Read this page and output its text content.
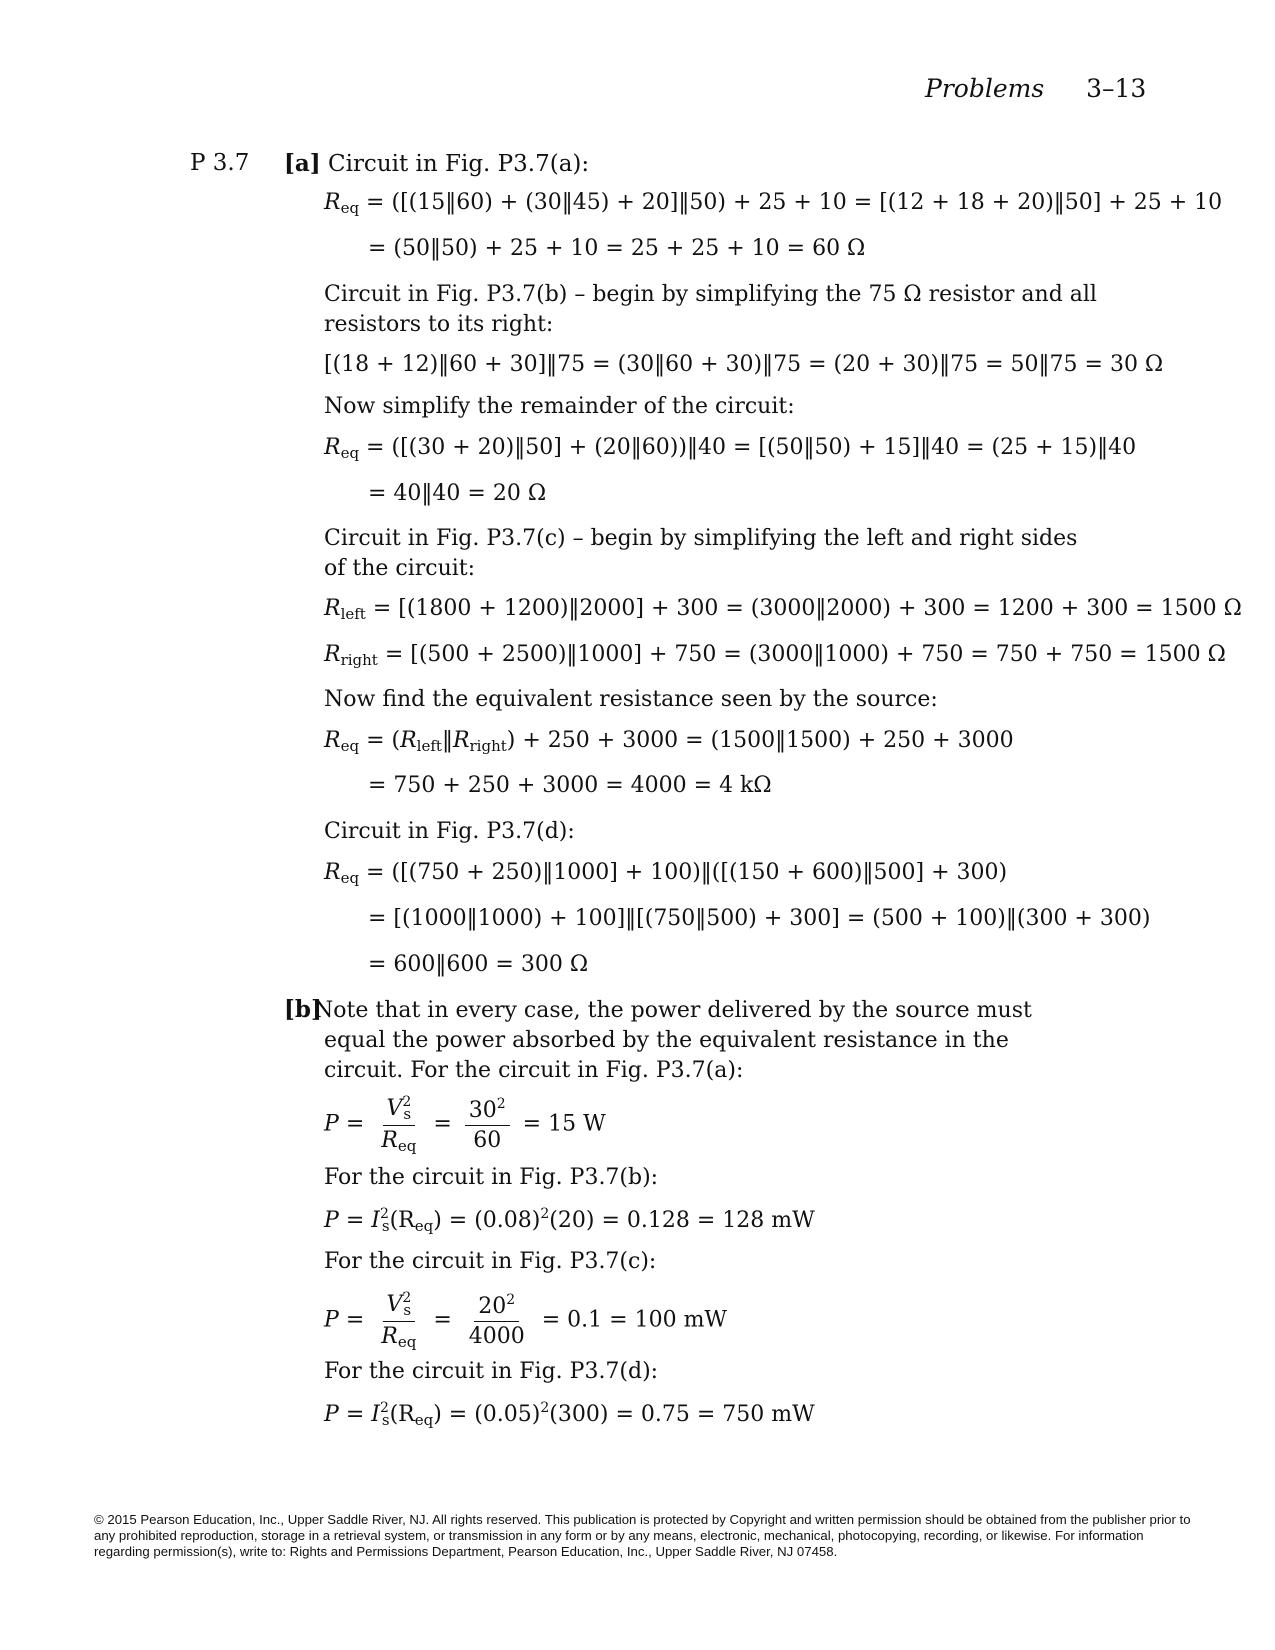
Problems 3–13
P 3.7 [a] Circuit in Fig. P3.7(a):
$R_{eq}$ = ([(15‖60) + (30‖45) + 20]‖50) + 25 + 10 = [(12 + 18 + 20)‖50] + 25 + 10
= (50‖50) + 25 + 10 = 25 + 25 + 10 = 60 Ω
Circuit in Fig. P3.7(b) – begin by simplifying the 75 Ω resistor and all resistors to its right:
[(18 + 12)‖60 + 30]‖75 = (30‖60 + 30)‖75 = (20 + 30)‖75 = 50‖75 = 30 Ω
Now simplify the remainder of the circuit:
$R_{eq} = ([(30$ + 20)‖50] + (20‖60))‖40 = [(50‖50) + 15]‖40 = (25 + 15)‖40
= 40‖40 = 20 Ω
Circuit in Fig. P3.7(c) – begin by simplifying the left and right sides of the circuit:
$R_{left} = [(1800$ + 1200)‖2000] + 300 = (3000‖2000) + 300 = 1200 + 300 = 1500 Ω
$R_{right} = [(500$ + 2500)‖1000] + 750 = (3000‖1000) + 750 = 750 + 750 = 1500 Ω
Now find the equivalent resistance seen by the source:
$R_{eq}$ = $(R_{left}‖R_{right}) + 250 + 3000$ = (1500‖1500) + 250 + 3000
= 750 + 250 + 3000 = 4000 = 4 kΩ
Circuit in Fig. P3.7(d):
$R_{eq} = ([(750$ + 250)‖1000] + 100)‖([(150 + 600)‖500] + 300)
= [(1000‖1000) + 100]‖[(750‖500) + 300] = (500 + 100)‖(300 + 300)
= 600‖600 = 300 Ω
[b]
Note that in every case, the power delivered by the source must equal the power absorbed by the equivalent resistance in the circuit. For the circuit in Fig. P3.7(a):
$P = \frac{V^2_s}{R_{eq}} = \frac{30^2}{60} = 15$ W
For the circuit in Fig. P3.7(b):
$P = I^2_s(R_{eq}) = (0.08)^2(20) = 0.128 = 128$ mW
For the circuit in Fig. P3.7(c):
$P = \frac{V^2_s}{R_{eq}} = \frac{20^2}{4000} = 0.1 = 100$ mW
For the circuit in Fig. P3.7(d):
$P = I^2_s(R_{eq}) = (0.05)^2(300) = 0.75 = 750$ mW
© 2015 Pearson Education, Inc., Upper Saddle River, NJ. All rights reserved. This publication is protected by Copyright and written permission should be obtained from the publisher prior to any prohibited reproduction, storage in a retrieval system, or transmission in any form or by any means, electronic, mechanical, photocopying, recording, or likewise. For information regarding permission(s), write to: Rights and Permissions Department, Pearson Education, Inc., Upper Saddle River, NJ 07458.
